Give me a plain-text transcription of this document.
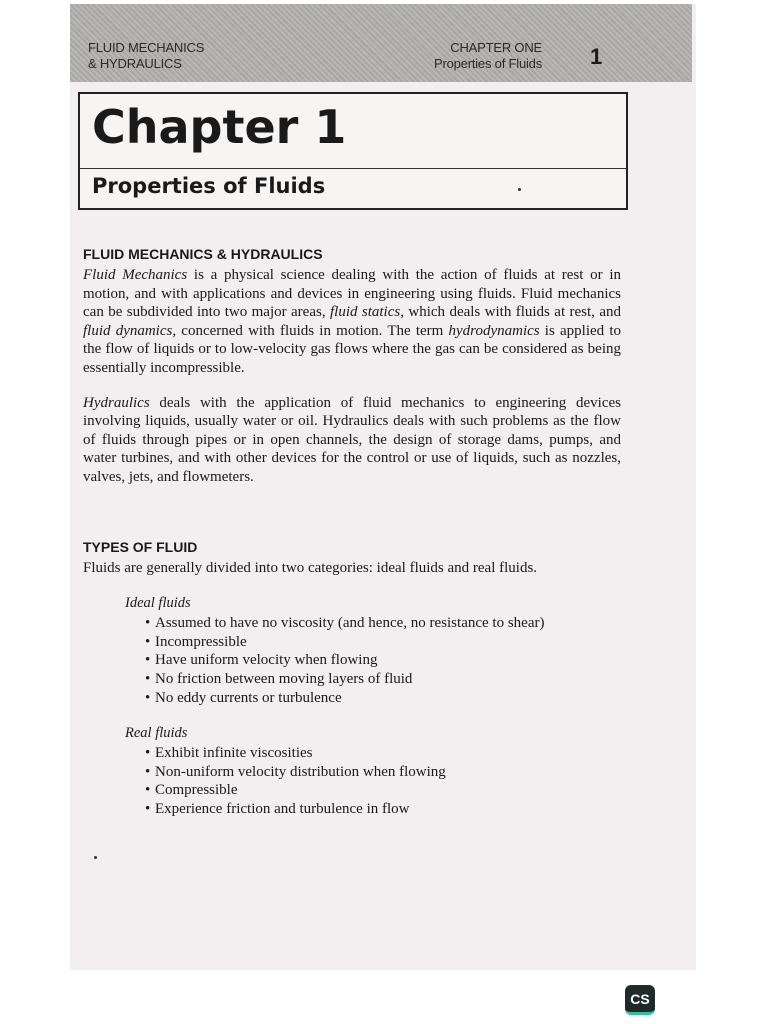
FLUID MECHANICS
& HYDRAULICS
CHAPTER ONE
Properties of Fluids 1
Chapter 1
Properties of Fluids
FLUID MECHANICS & HYDRAULICS

Fluid Mechanics is a physical science dealing with the action of fluids at rest or in motion, and with applications and devices in engineering using fluids. Fluid mechanics can be subdivided into two major areas, fluid statics, which deals with fluids at rest, and fluid dynamics, concerned with fluids in motion. The term hydrodynamics is applied to the flow of liquids or to low-velocity gas flows where the gas can be considered as being essentially incompressible.

Hydraulics deals with the application of fluid mechanics to engineering devices involving liquids, usually water or oil. Hydraulics deals with such problems as the flow of fluids through pipes or in open channels, the design of storage dams, pumps, and water turbines, and with other devices for the control or use of liquids, such as nozzles, valves, jets, and flowmeters.

TYPES OF FLUID

Fluids are generally divided into two categories: ideal fluids and real fluids.

Ideal fluids
• Assumed to have no viscosity (and hence, no resistance to shear)
• Incompressible
• Have uniform velocity when flowing
• No friction between moving layers of fluid
• No eddy currents or turbulence
Real fluids
• Exhibit infinite viscosities
• Non-uniform velocity distribution when flowing
• Compressible
• Experience friction and turbulence in flow
CS
